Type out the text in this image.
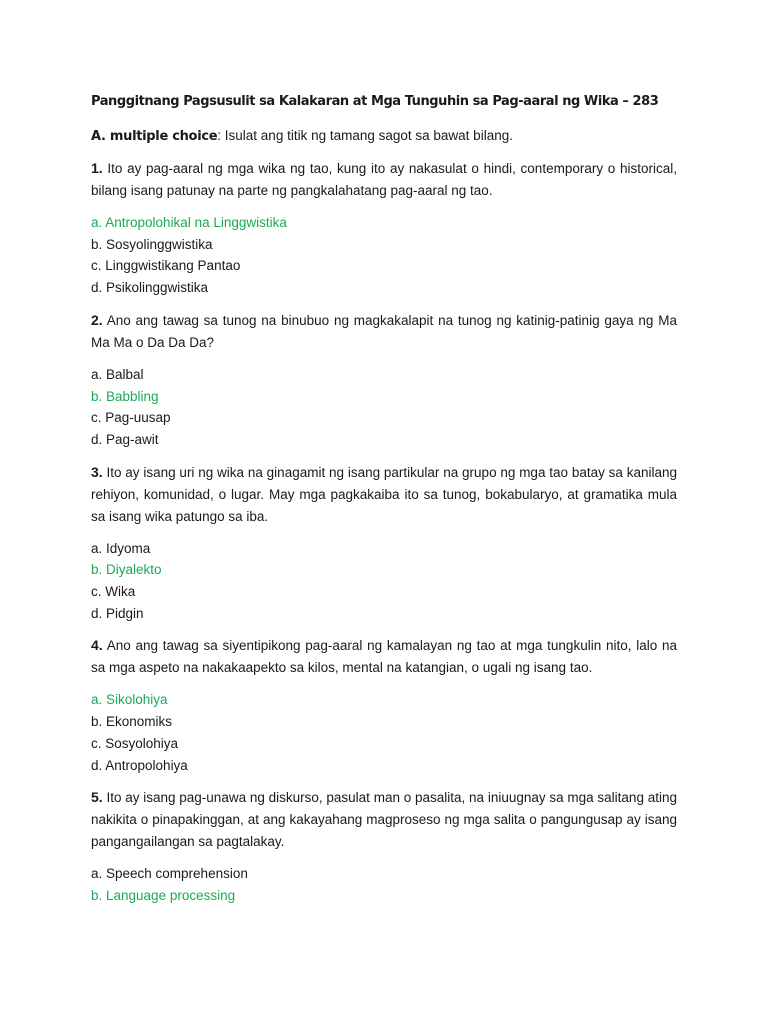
Panggitnang Pagsusulit sa Kalakaran at Mga Tunguhin sa Pag-aaral ng Wika – 283
A. multiple choice: Isulat ang titik ng tamang sagot sa bawat bilang.
1. Ito ay pag-aaral ng mga wika ng tao, kung ito ay nakasulat o hindi, contemporary o historical, bilang isang patunay na parte ng pangkalahatang pag-aaral ng tao.
a. Antropolohikal na Linggwistika
b. Sosyolinggwistika
c. Linggwistikang Pantao
d. Psikolinggwistika
2. Ano ang tawag sa tunog na binubuo ng magkakalapit na tunog ng katinig-patinig gaya ng Ma Ma Ma o Da Da Da?
a. Balbal
b. Babbling
c. Pag-uusap
d. Pag-awit
3. Ito ay isang uri ng wika na ginagamit ng isang partikular na grupo ng mga tao batay sa kanilang rehiyon, komunidad, o lugar. May mga pagkakaiba ito sa tunog, bokabularyo, at gramatika mula sa isang wika patungo sa iba.
a. Idyoma
b. Diyalekto
c. Wika
d. Pidgin
4. Ano ang tawag sa siyentipikong pag-aaral ng kamalayan ng tao at mga tungkulin nito, lalo na sa mga aspeto na nakakaapekto sa kilos, mental na katangian, o ugali ng isang tao.
a. Sikolohiya
b. Ekonomiks
c. Sosyolohiya
d. Antropolohiya
5. Ito ay isang pag-unawa ng diskurso, pasulat man o pasalita, na iniuugnay sa mga salitang ating nakikita o pinapakinggan, at ang kakayahang magproseso ng mga salita o pangungusap ay isang pangangailangan sa pagtalakay.
a. Speech comprehension
b. Language processing
